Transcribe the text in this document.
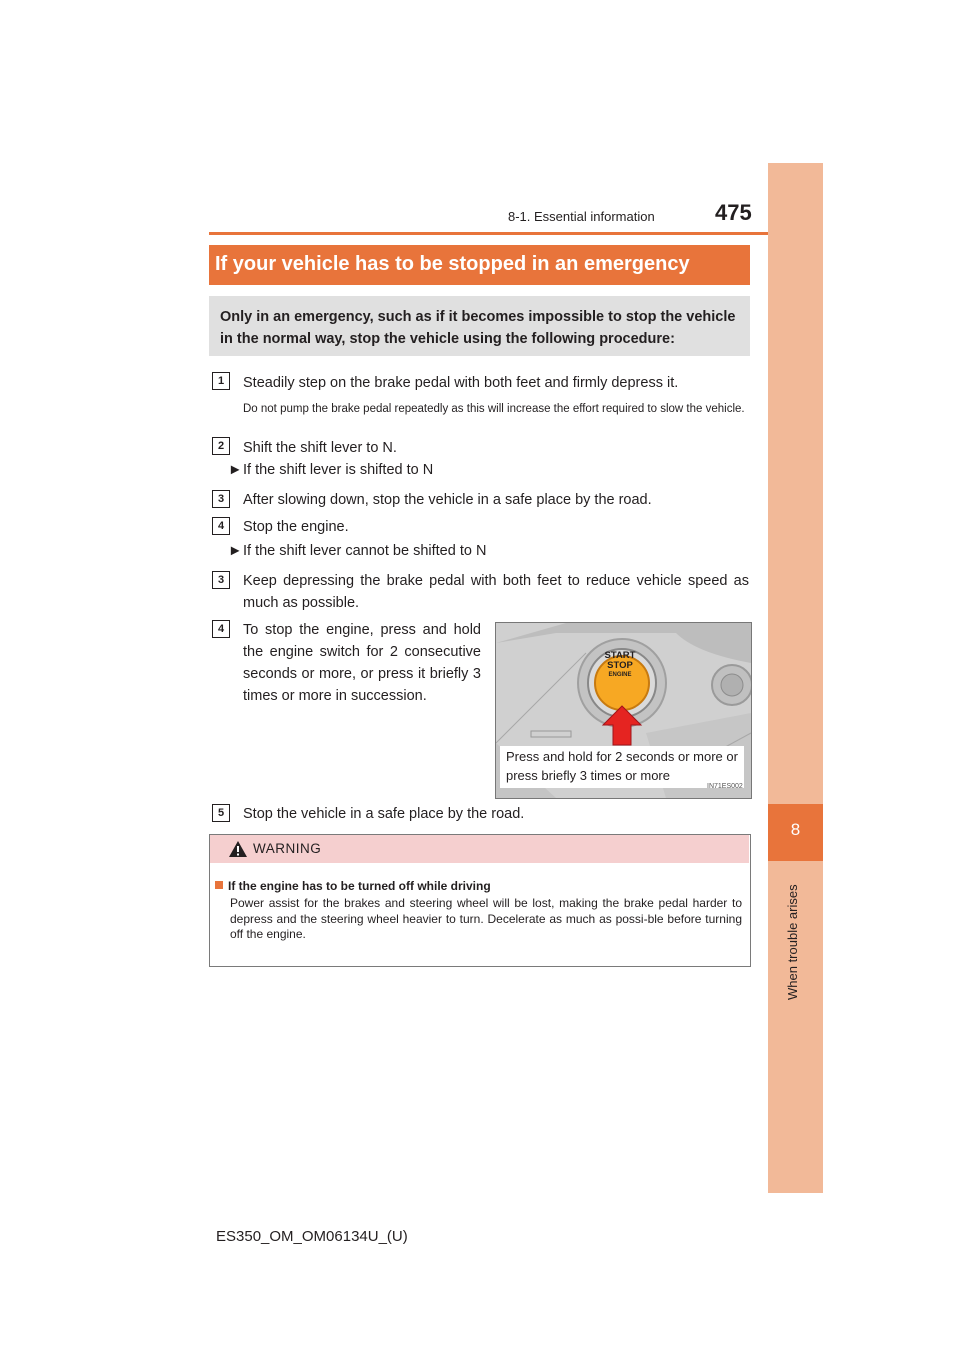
8-1. Essential information	475
8
When trouble arises
If your vehicle has to be stopped in an emergency
Only in an emergency, such as if it becomes impossible to stop the vehicle in the normal way, stop the vehicle using the following procedure:
1	Steadily step on the brake pedal with both feet and firmly depress it.
Do not pump the brake pedal repeatedly as this will increase the effort required to slow the vehicle.
2	Shift the shift lever to N.
► If the shift lever is shifted to N
3	After slowing down, stop the vehicle in a safe place by the road.
4	Stop the engine.
► If the shift lever cannot be shifted to N
3	Keep depressing the brake pedal with both feet to reduce vehicle speed as much as possible.
4	To stop the engine, press and hold the engine switch for 2 consecutive seconds or more, or press it briefly 3 times or more in succession.
START
STOP
ENGINE
Press and hold for 2 seconds or more or press briefly 3 times or more
IN71ES002
5	Stop the vehicle in a safe place by the road.
WARNING
If the engine has to be turned off while driving
Power assist for the brakes and steering wheel will be lost, making the brake pedal harder to depress and the steering wheel heavier to turn. Decelerate as much as possi-ble before turning off the engine.
ES350_OM_OM06134U_(U)
